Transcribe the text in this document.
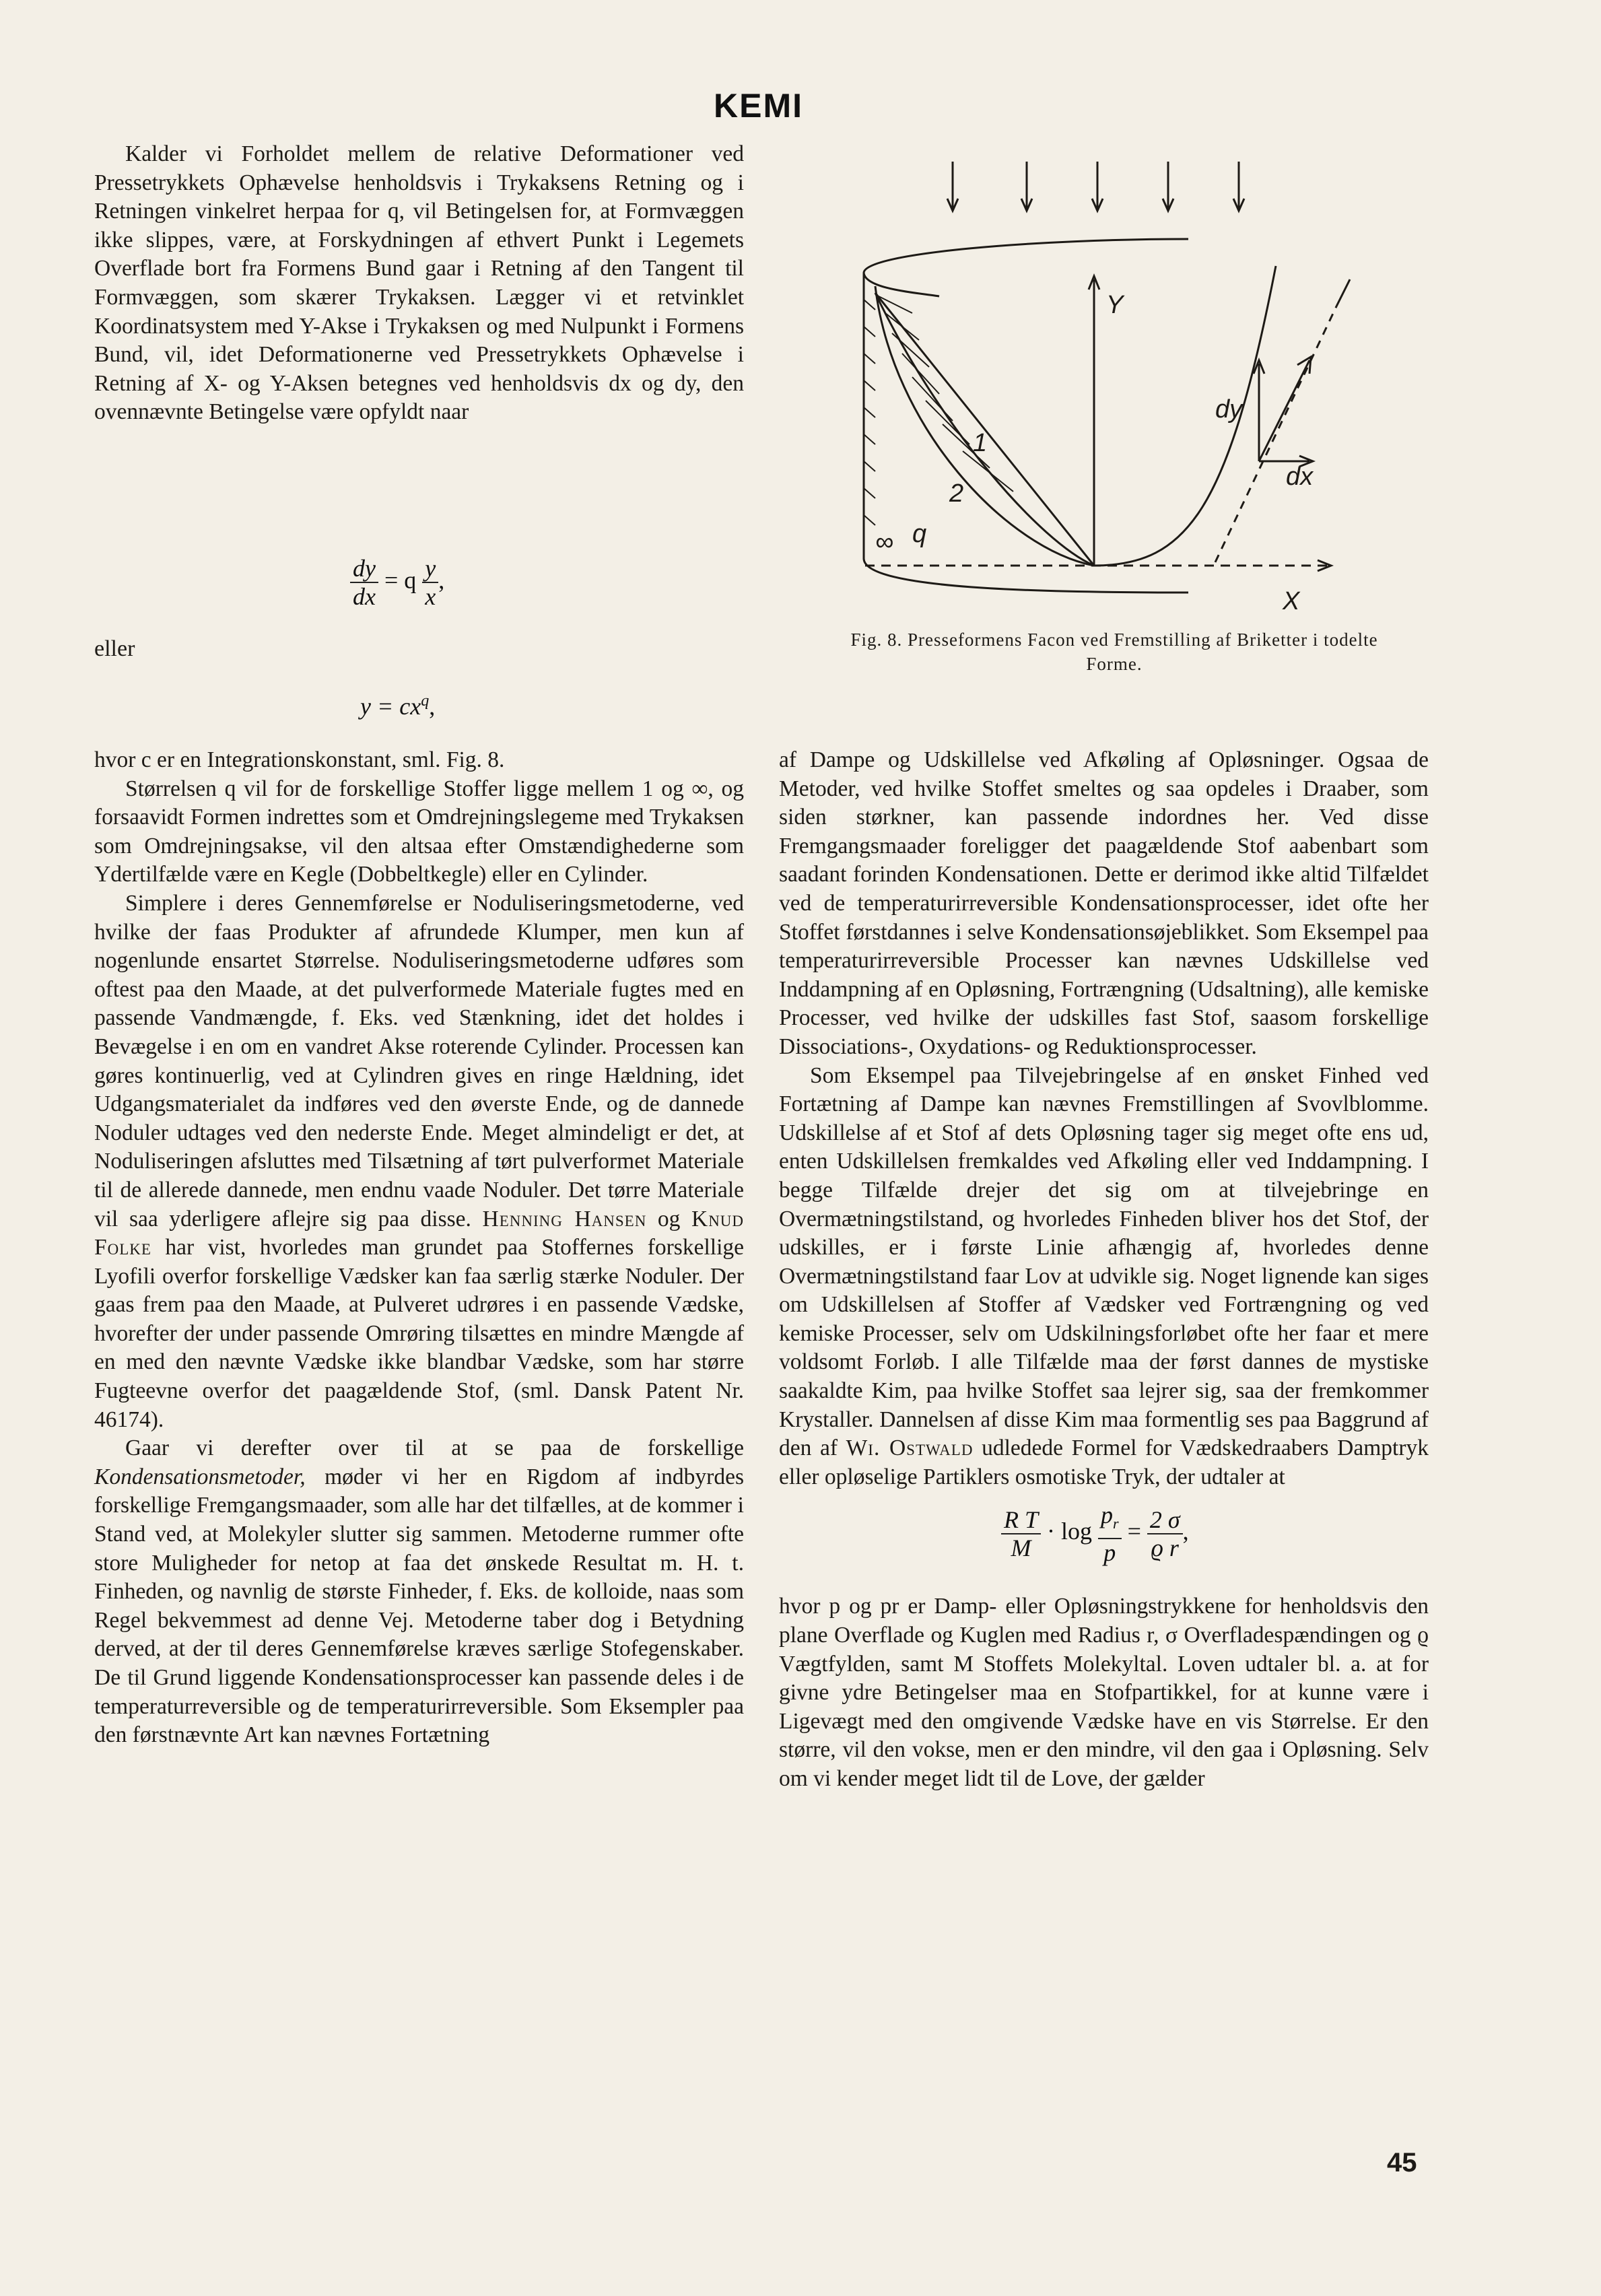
KEMI

Kalder vi Forholdet mellem de relative Deformationer ved Pressetrykkets Ophævelse henholdsvis i Trykaksens Retning og i Retningen vinkelret herpaa for q, vil Betingelsen for, at Formvæggen ikke slippes, være, at Forskydningen af ethvert Punkt i Legemets Overflade bort fra Formens Bund gaar i Retning af den Tangent til Formvæggen, som skærer Trykaksen. Lægger vi et retvinklet Koordinatsystem med Y-Akse i Trykaksen og med Nulpunkt i Formens Bund, vil, idet Deformationerne ved Pressetrykkets Ophævelse i Retning af X- og Y-Aksen betegnes ved henholdsvis dx og dy, den ovennævnte Betingelse være opfyldt naar

$\frac{dy}{dx} = q \frac{y}{x}$ ,
eller
$y = cx^q$,
Y
X
dy
dx
1
2
q
∞
Fig. 8. Presseformens Facon ved Fremstilling af Briketter i todelte Forme.

hvor c er en Integrationskonstant, sml. Fig. 8.

Størrelsen q vil for de forskellige Stoffer ligge mellem 1 og ∞, og forsaavidt Formen indrettes som et Omdrejningslegeme med Trykaksen som Omdrejningsakse, vil den altsaa efter Omstændighederne som Ydertilfælde være en Kegle (Dobbeltkegle) eller en Cylinder.

Simplere i deres Gennemførelse er Noduliseringsmetoderne, ved hvilke der faas Produkter af afrundede Klumper, men kun af nogenlunde ensartet Størrelse. Noduliseringsmetoderne udføres som oftest paa den Maade, at det pulverformede Materiale fugtes med en passende Vandmængde, f. Eks. ved Stænkning, idet det holdes i Bevægelse i en om en vandret Akse roterende Cylinder. Processen kan gøres kontinuerlig, ved at Cylindren gives en ringe Hældning, idet Udgangsmaterialet da indføres ved den øverste Ende, og de dannede Noduler udtages ved den nederste Ende. Meget almindeligt er det, at Noduliseringen afsluttes med Tilsætning af tørt pulverformet Materiale til de allerede dannede, men endnu vaade Noduler. Det tørre Materiale vil saa yderligere aflejre sig paa disse. Henning Hansen og Knud Folke har vist, hvorledes man grundet paa Stoffernes forskellige Lyofili overfor forskellige Vædsker kan faa særlig stærke Noduler. Der gaas frem paa den Maade, at Pulveret udrøres i en passende Vædske, hvorefter der under passende Omrøring tilsættes en mindre Mængde af en med den nævnte Vædske ikke blandbar Vædske, som har større Fugteevne overfor det paagældende Stof, (sml. Dansk Patent Nr. 46174).

Gaar vi derefter over til at se paa de forskellige Kondensationsmetoder, møder vi her en Rigdom af indbyrdes forskellige Fremgangsmaader, som alle har det tilfælles, at de kommer i Stand ved, at Molekyler slutter sig sammen. Metoderne rummer ofte store Muligheder for netop at faa det ønskede Resultat m. H. t. Finheden, og navnlig de største Finheder, f. Eks. de kolloide, naas som Regel bekvemmest ad denne Vej. Metoderne taber dog i Betydning derved, at der til deres Gennemførelse kræves særlige Stofegenskaber. De til Grund liggende Kondensationsprocesser kan passende deles i de temperaturreversible og de temperaturirreversible. Som Eksempler paa den førstnævnte Art kan nævnes Fortætning

af Dampe og Udskillelse ved Afkøling af Opløsninger. Ogsaa de Metoder, ved hvilke Stoffet smeltes og saa opdeles i Draaber, som siden størkner, kan passende indordnes her. Ved disse Fremgangsmaader foreligger det paagældende Stof aabenbart som saadant forinden Kondensationen. Dette er derimod ikke altid Tilfældet ved de temperaturirreversible Kondensationsprocesser, idet ofte her Stoffet førstdannes i selve Kondensationsøjeblikket. Som Eksempel paa temperaturirreversible Processer kan nævnes Udskillelse ved Inddampning af en Opløsning, Fortrængning (Udsaltning), alle kemiske Processer, ved hvilke der udskilles fast Stof, saasom forskellige Dissociations-, Oxydations- og Reduktionsprocesser.

Som Eksempel paa Tilvejebringelse af en ønsket Finhed ved Fortætning af Dampe kan nævnes Fremstillingen af Svovlblomme. Udskillelse af et Stof af dets Opløsning tager sig meget ofte ens ud, enten Udskillelsen fremkaldes ved Afkøling eller ved Inddampning. I begge Tilfælde drejer det sig om at tilvejebringe en Overmætningstilstand, og hvorledes Finheden bliver hos det Stof, der udskilles, er i første Linie afhængig af, hvorledes denne Overmætningstilstand faar Lov at udvikle sig. Noget lignende kan siges om Udskillelsen af Stoffer af Vædsker ved Fortrængning og ved kemiske Processer, selv om Udskilningsforløbet ofte her faar et mere voldsomt Forløb. I alle Tilfælde maa der først dannes de mystiske saakaldte Kim, paa hvilke Stoffet saa lejrer sig, saa der fremkommer Krystaller. Dannelsen af disse Kim maa formentlig ses paa Baggrund af den af Wi. Ostwald udledede Formel for Vædskedraabers Damptryk eller opløselige Partiklers osmotiske Tryk, der udtaler at

$\frac{\text{R T}}{M} \cdot \log \frac{p_r}{p} = \frac{2 \sigma}{\text{ϱ r}}$ ,

hvor p og pr er Damp- eller Opløsningstrykkene for henholdsvis den plane Overflade og Kuglen med Radius r, σ Overfladespændingen og ϱ Vægtfylden, samt M Stoffets Molekyltal. Loven udtaler bl. a. at for givne ydre Betingelser maa en Stofpartikkel, for at kunne være i Ligevægt med den omgivende Vædske have en vis Størrelse. Er den større, vil den vokse, men er den mindre, vil den gaa i Opløsning. Selv om vi kender meget lidt til de Love, der gælder

45
